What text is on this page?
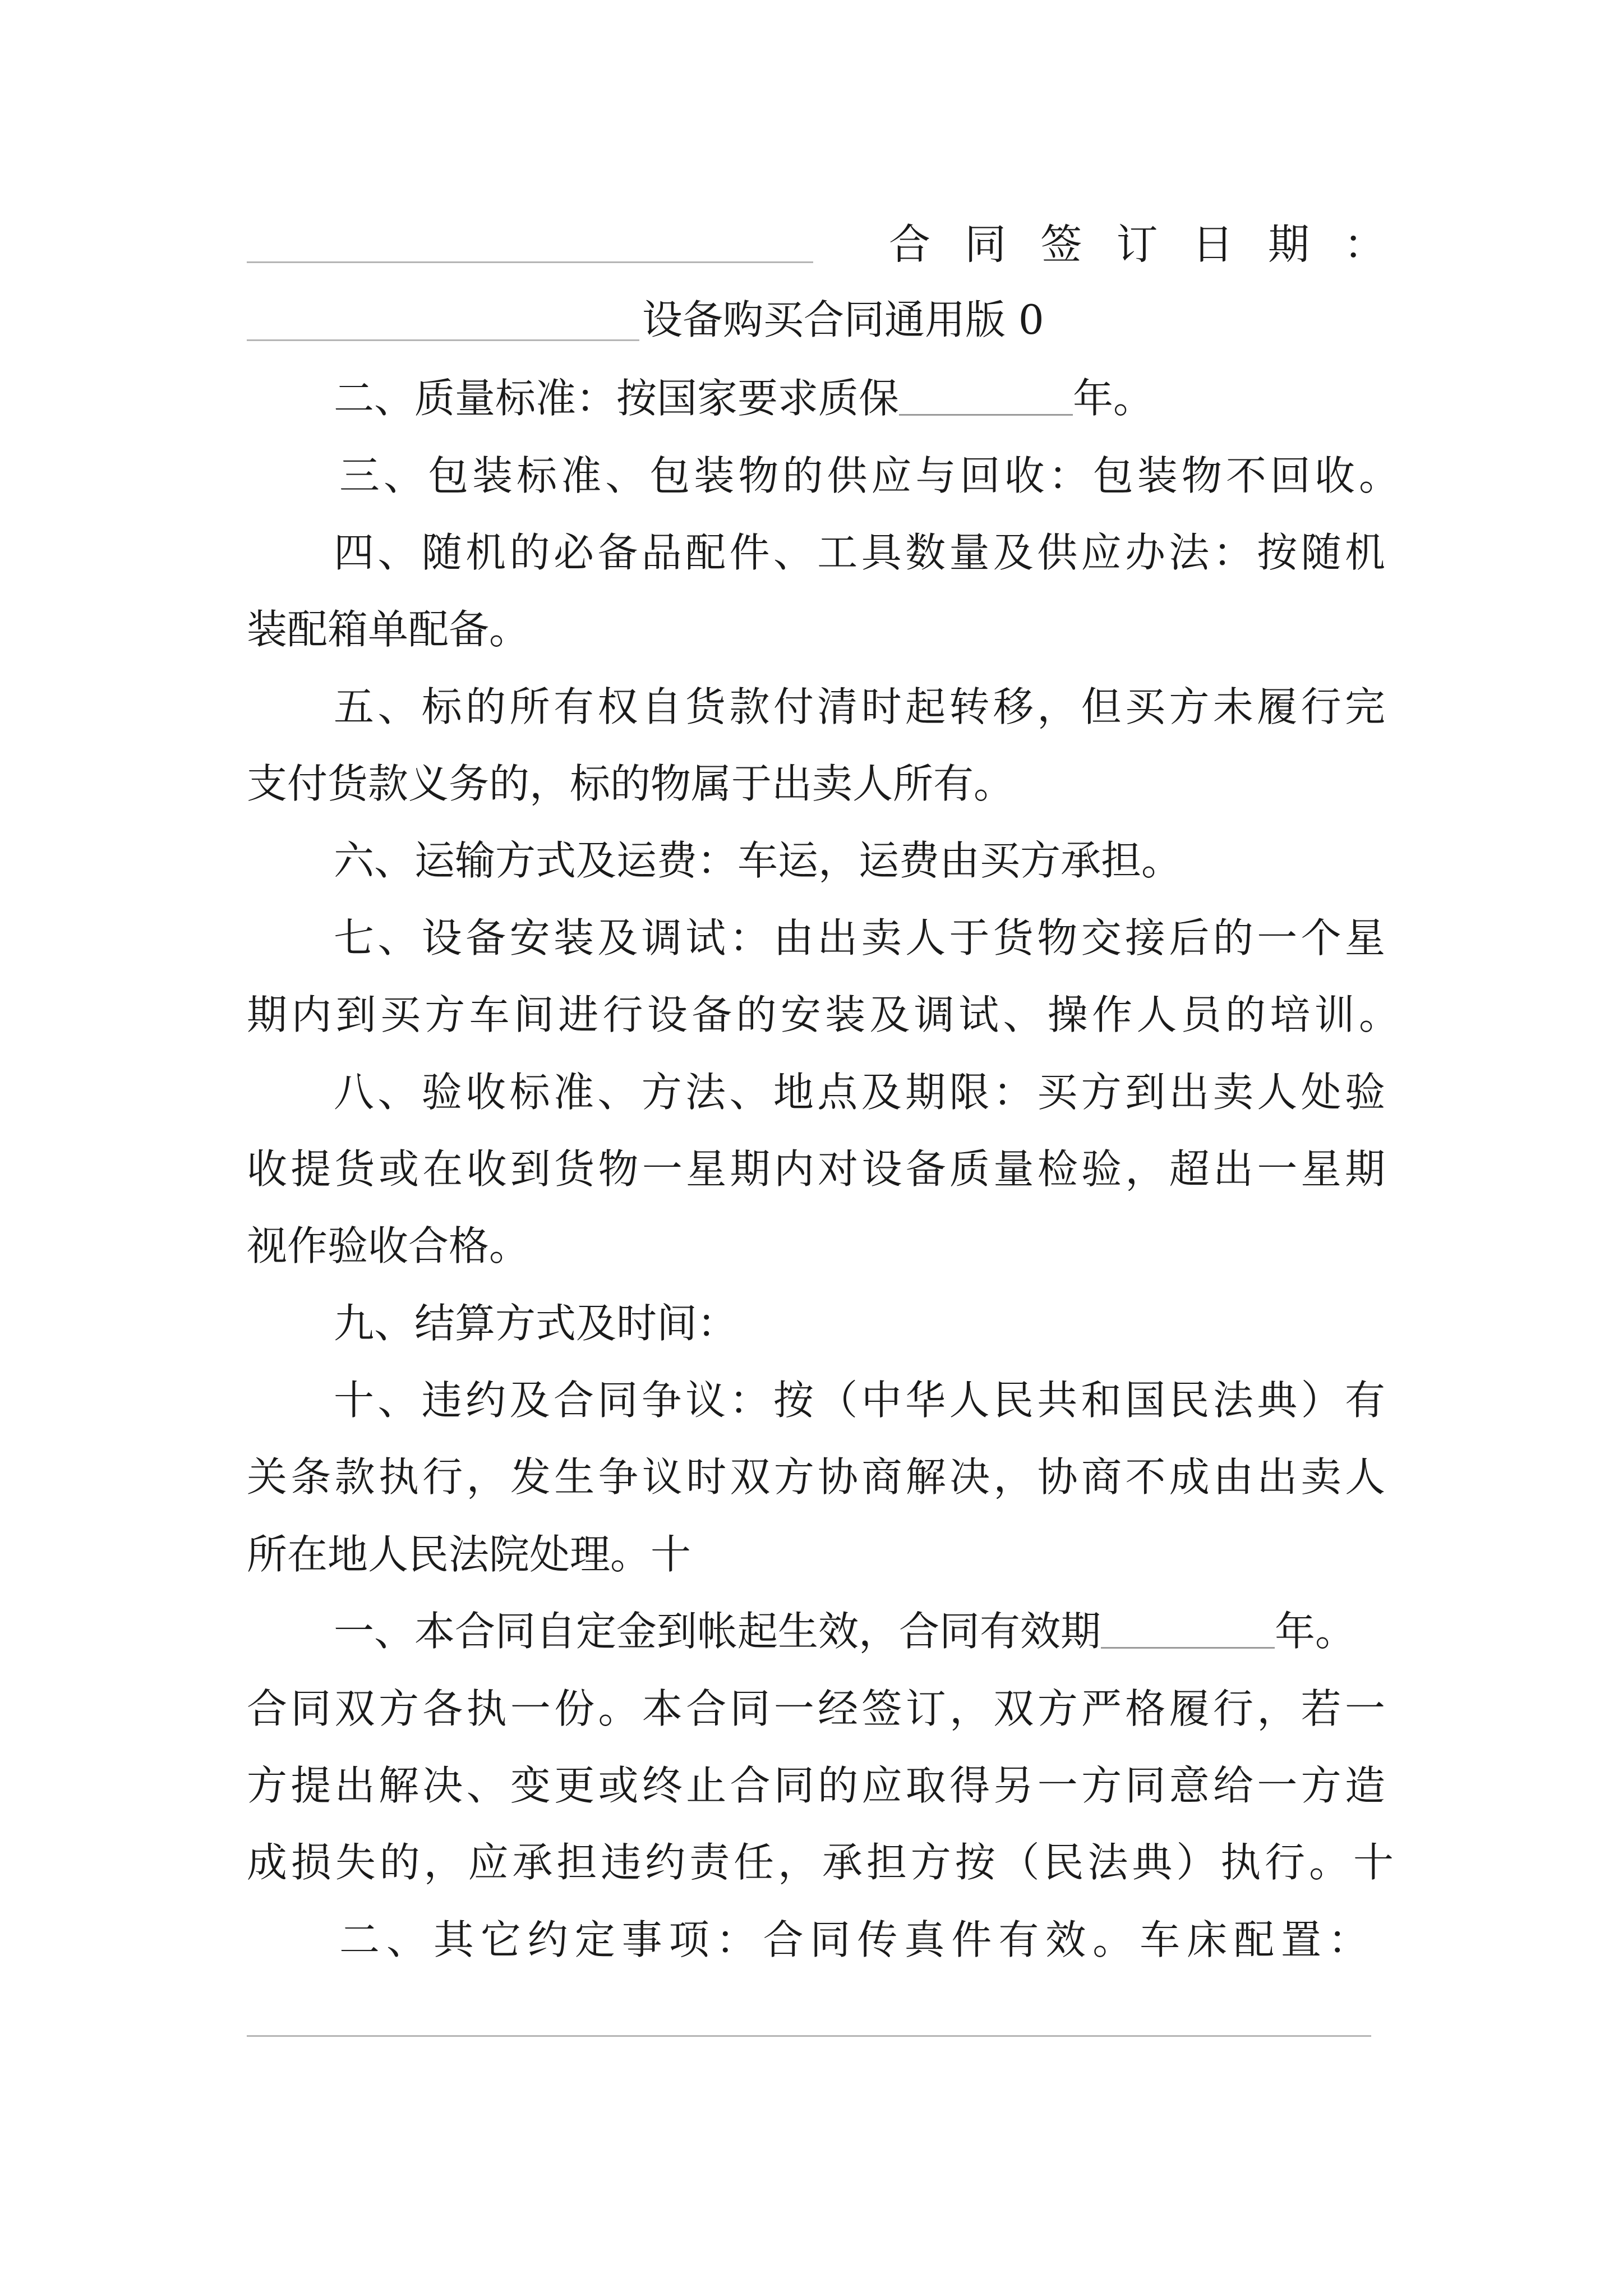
合 同 签 订 日 期 ：
设备购买合同通用版 0
二、质量标准：按国家要求质保	年。
三、包装标准、包装物的供应与回收：包装物不回收。
四、随机的必备品配件、工具数量及供应办法：按随机
装配箱单配备。
五、标的所有权自货款付清时起转移，但买方未履行完
支付货款义务的，标的物属于出卖人所有。
六、运输方式及运费：车运，运费由买方承担。
七、设备安装及调试：由出卖人于货物交接后的一个星
期内到买方车间进行设备的安装及调试、操作人员的培训。
八、验收标准、方法、地点及期限：买方到出卖人处验
收提货或在收到货物一星期内对设备质量检验，超出一星期
视作验收合格。
九、结算方式及时间：
十、违约及合同争议：按（中华人民共和国民法典）有
关条款执行，发生争议时双方协商解决，协商不成由出卖人
所在地人民法院处理。十
一、本合同自定金到帐起生效，合同有效期	年。
合同双方各执一份。本合同一经签订，双方严格履行，若一
方提出解决、变更或终止合同的应取得另一方同意给一方造
成损失的，应承担违约责任，承担方按（民法典）执行。十
二、其它约定事项：合同传真件有效。车床配置：
